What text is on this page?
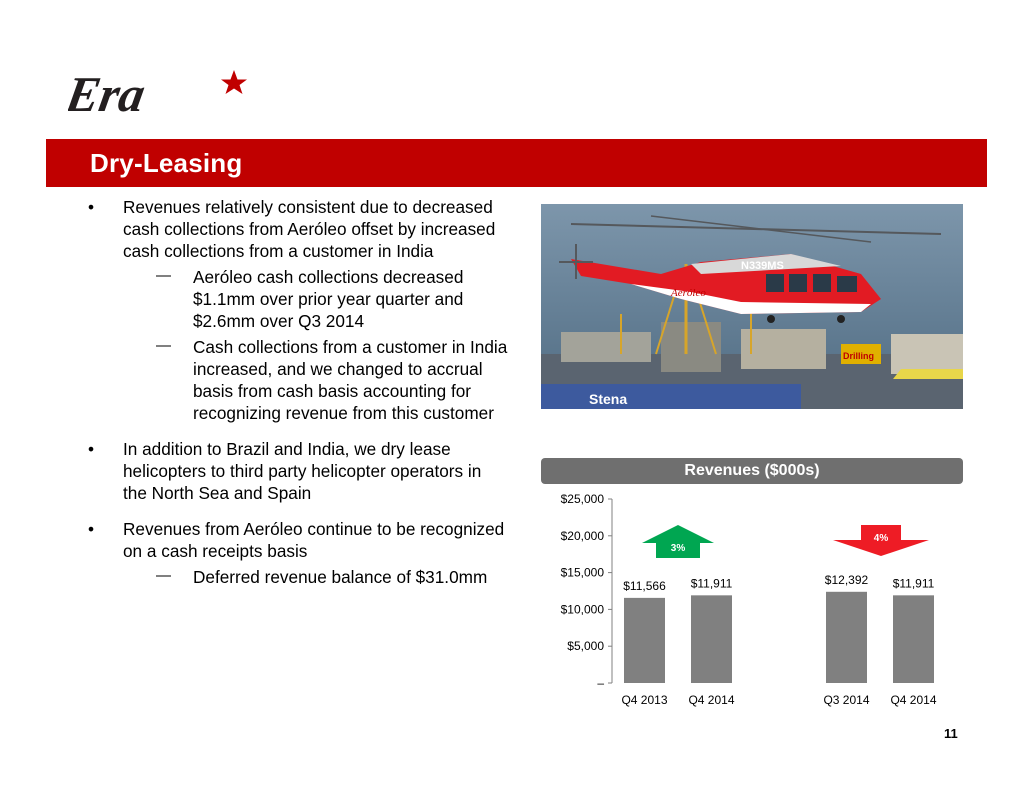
Era
Dry-Leasing
• Revenues relatively consistent due to decreased cash collections from Aeróleo offset by increased cash collections from a customer in India
— Aeróleo cash collections decreased $1.1mm over prior year quarter and $2.6mm over Q3 2014
— Cash collections from a customer in India increased, and we changed to accrual basis from cash basis accounting for recognizing revenue from this customer
• In addition to Brazil and India, we dry lease helicopters to third party helicopter operators in the North Sea and Spain
• Revenues from Aeróleo continue to be recognized on a cash receipts basis
— Deferred revenue balance of $31.0mm
Stena
Drilling
N339MS
Aeróleo
Revenues ($000s)
–
$5,000
$10,000
$15,000
$20,000
$25,000
$11,566
Q4 2013
$11,911
Q4 2014
$12,392
Q3 2014
$11,911
Q4 2014
3%
4%
11
